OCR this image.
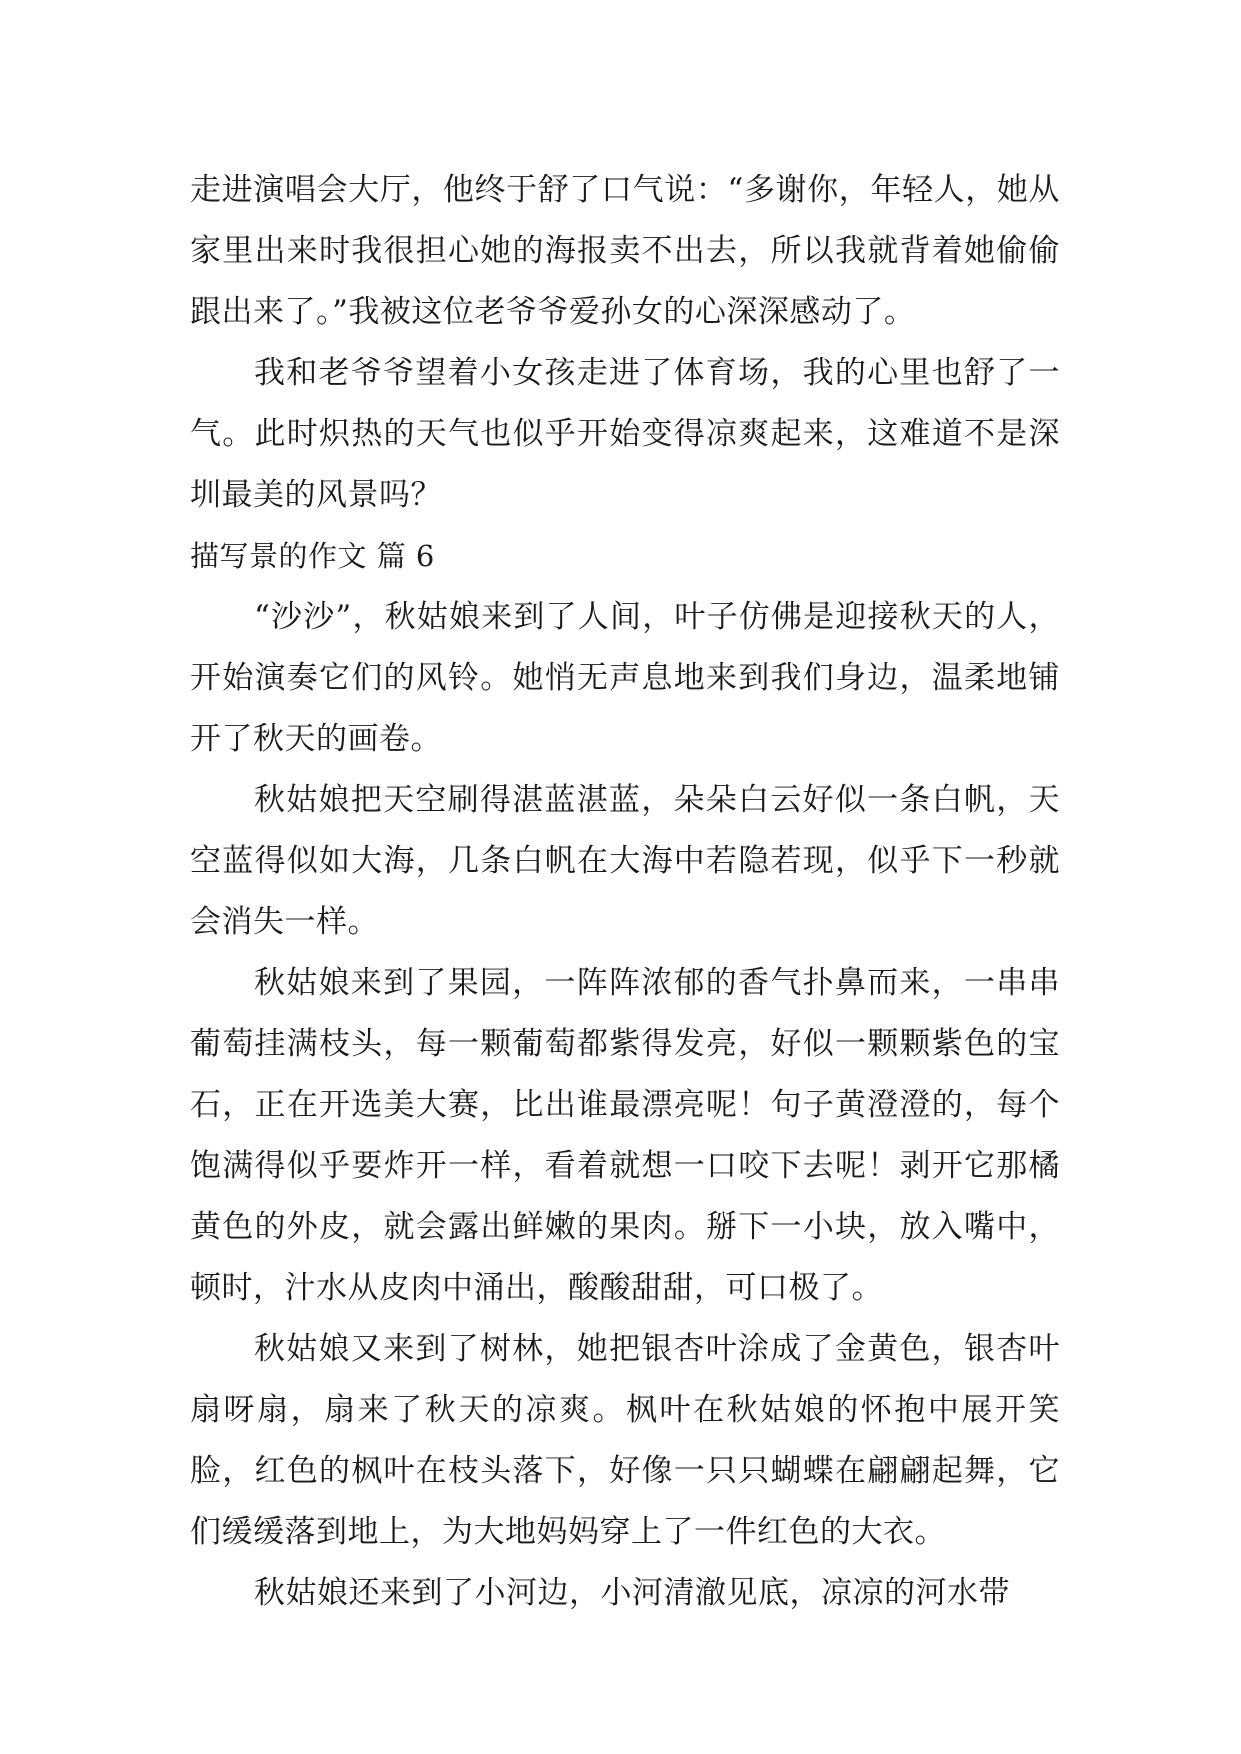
走进演唱会大厅，他终于舒了口气说：“多谢你，年轻人，她从家里出来时我很担心她的海报卖不出去，所以我就背着她偷偷跟出来了。”我被这位老爷爷爱孙女的心深深感动了。

我和老爷爷望着小女孩走进了体育场，我的心里也舒了一气。此时炽热的天气也似乎开始变得凉爽起来，这难道不是深圳最美的风景吗？

描写景的作文 篇 6

“沙沙”，秋姑娘来到了人间，叶子仿佛是迎接秋天的人，开始演奏它们的风铃。她悄无声息地来到我们身边，温柔地铺开了秋天的画卷。

秋姑娘把天空刷得湛蓝湛蓝，朵朵白云好似一条白帆，天空蓝得似如大海，几条白帆在大海中若隐若现，似乎下一秒就会消失一样。

秋姑娘来到了果园，一阵阵浓郁的香气扑鼻而来，一串串葡萄挂满枝头，每一颗葡萄都紫得发亮，好似一颗颗紫色的宝石，正在开选美大赛，比出谁最漂亮呢！句子黄澄澄的，每个饱满得似乎要炸开一样，看着就想一口咬下去呢！剥开它那橘黄色的外皮，就会露出鲜嫩的果肉。掰下一小块，放入嘴中，顿时，汁水从皮肉中涌出，酸酸甜甜，可口极了。

秋姑娘又来到了树林，她把银杏叶涂成了金黄色，银杏叶扇呀扇，扇来了秋天的凉爽。枫叶在秋姑娘的怀抱中展开笑脸，红色的枫叶在枝头落下，好像一只只蝴蝶在翩翩起舞，它们缓缓落到地上，为大地妈妈穿上了一件红色的大衣。

秋姑娘还来到了小河边，小河清澈见底，凉凉的河水带
